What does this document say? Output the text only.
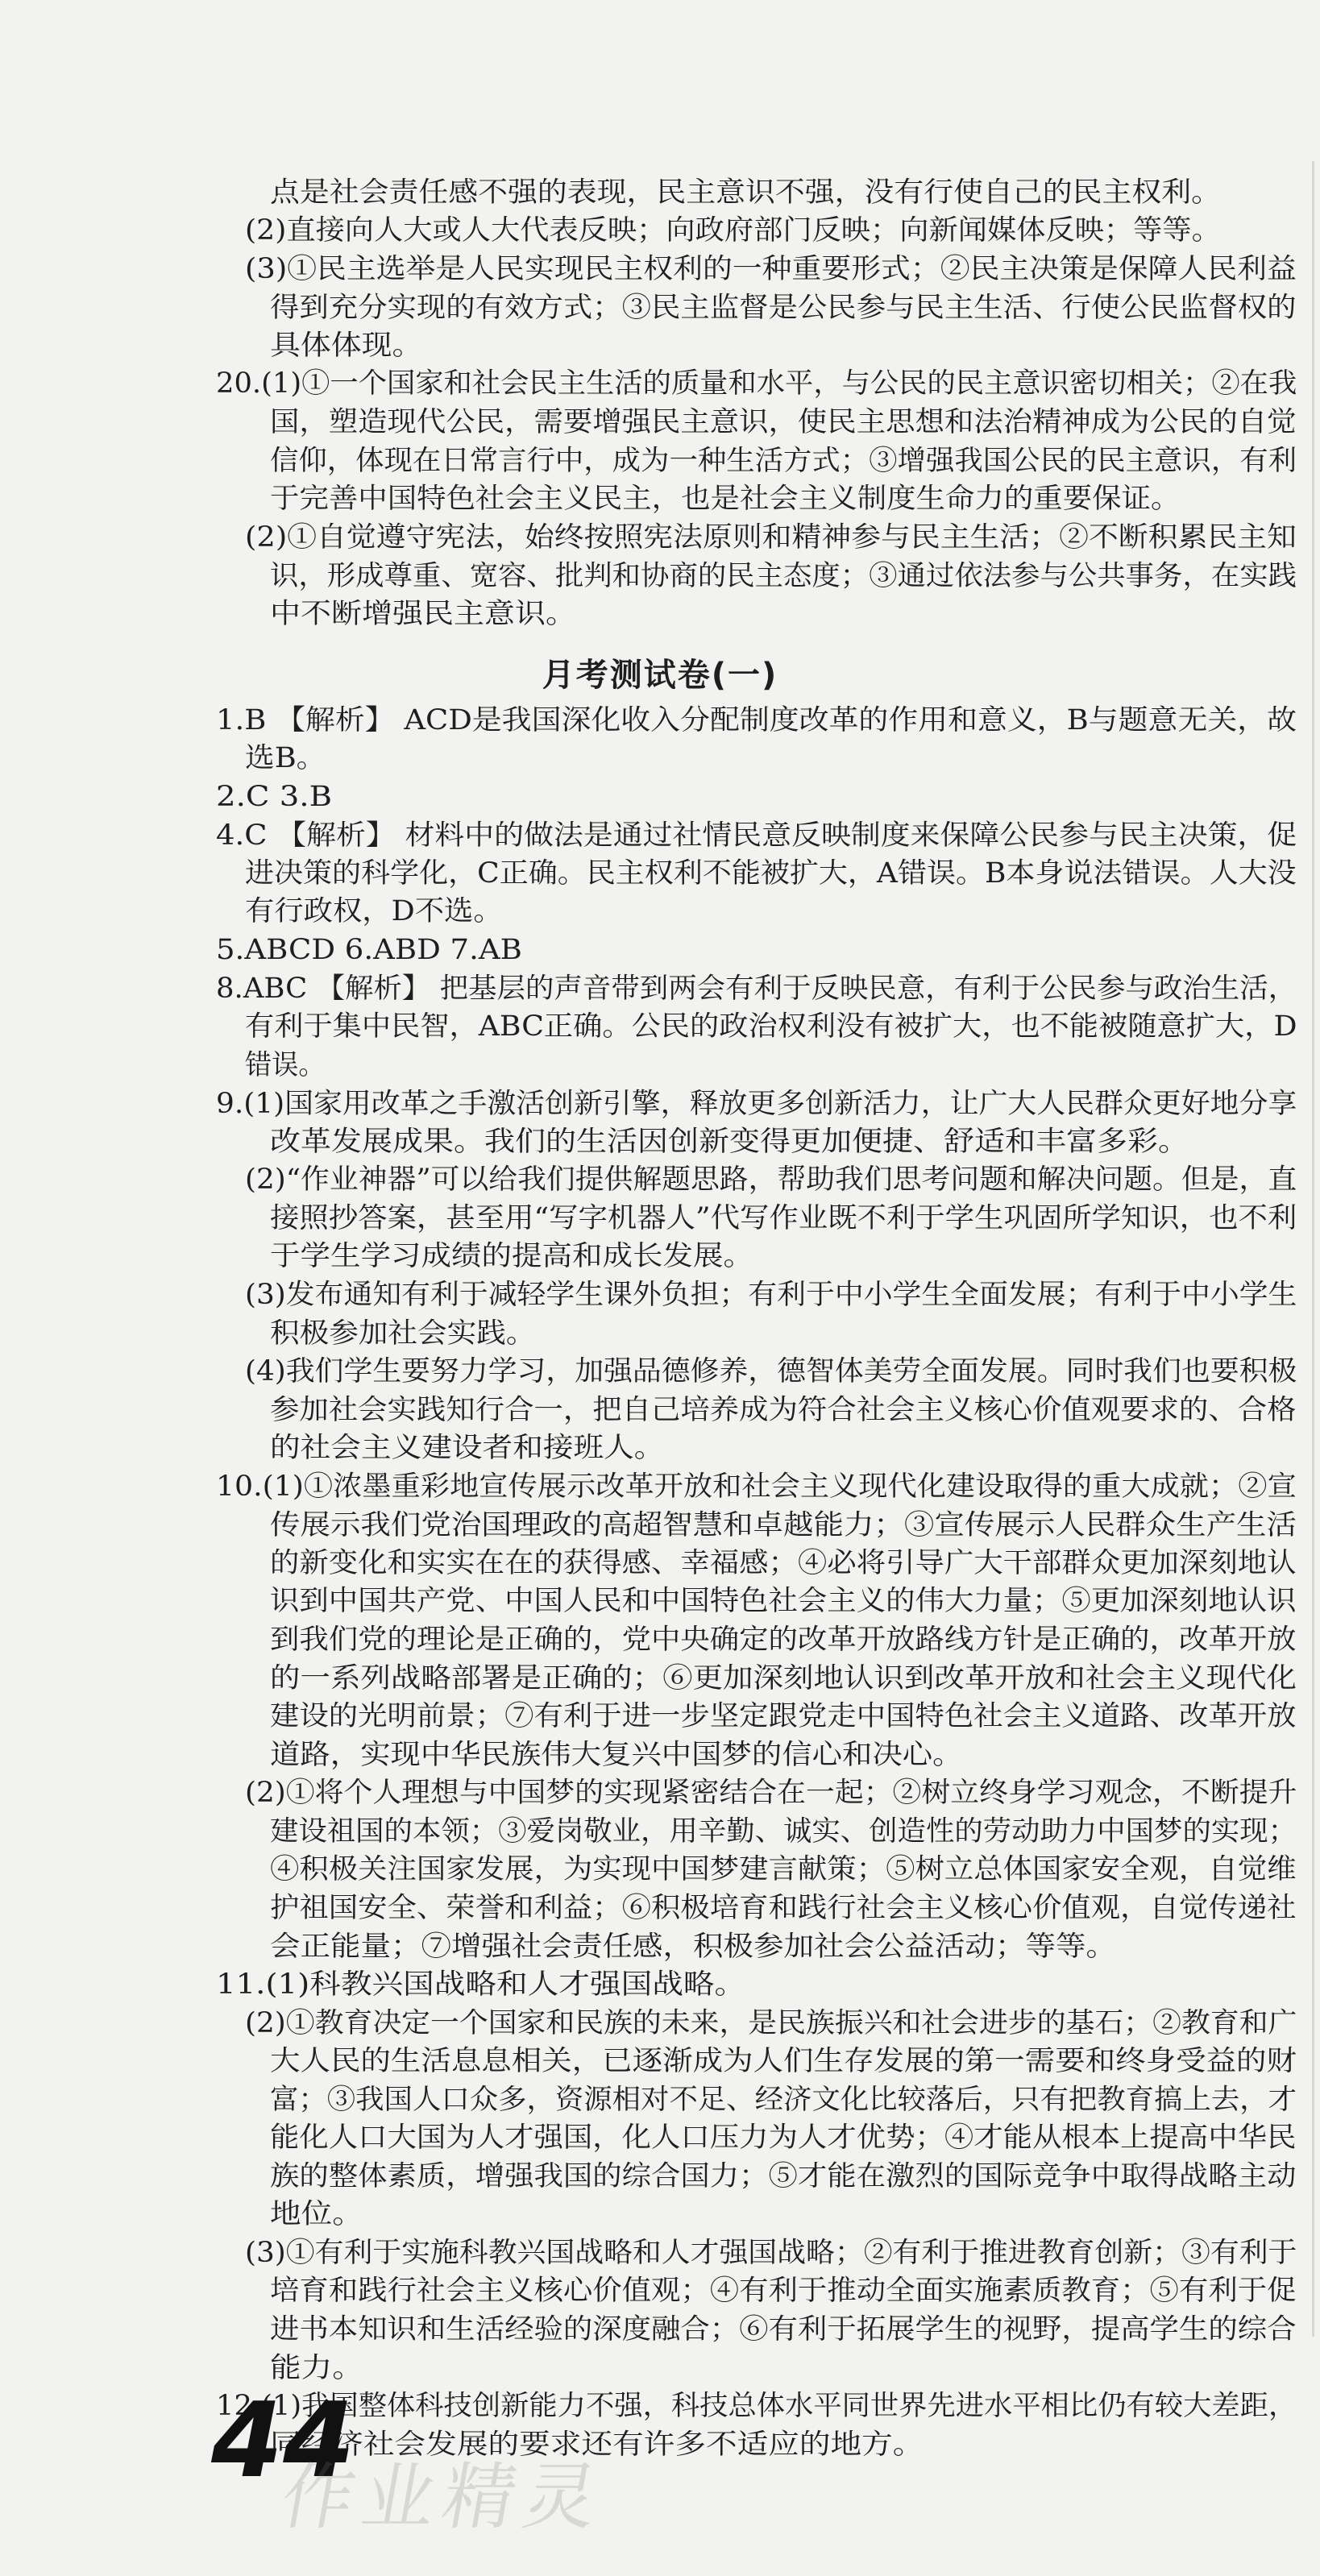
点是社会责任感不强的表现，民主意识不强，没有行使自己的民主权利。
(2)直接向人大或人大代表反映；向政府部门反映；向新闻媒体反映；等等。
(3)①民主选举是人民实现民主权利的一种重要形式；②民主决策是保障人民利益
得到充分实现的有效方式；③民主监督是公民参与民主生活、行使公民监督权的
具体体现。
20.(1)①一个国家和社会民主生活的质量和水平，与公民的民主意识密切相关；②在我
国，塑造现代公民，需要增强民主意识，使民主思想和法治精神成为公民的自觉
信仰，体现在日常言行中，成为一种生活方式；③增强我国公民的民主意识，有利
于完善中国特色社会主义民主，也是社会主义制度生命力的重要保证。
(2)①自觉遵守宪法，始终按照宪法原则和精神参与民主生活；②不断积累民主知
识，形成尊重、宽容、批判和协商的民主态度；③通过依法参与公共事务，在实践
中不断增强民主意识。
月考测试卷(一)
1.B 【解析】 ACD是我国深化收入分配制度改革的作用和意义，B与题意无关，故
选B。
2.C 3.B
4.C 【解析】 材料中的做法是通过社情民意反映制度来保障公民参与民主决策，促
进决策的科学化，C正确。民主权利不能被扩大，A错误。B本身说法错误。人大没
有行政权，D不选。
5.ABCD 6.ABD 7.AB
8.ABC 【解析】 把基层的声音带到两会有利于反映民意，有利于公民参与政治生活，
有利于集中民智，ABC正确。公民的政治权利没有被扩大，也不能被随意扩大，D
错误。
9.(1)国家用改革之手激活创新引擎，释放更多创新活力，让广大人民群众更好地分享
改革发展成果。我们的生活因创新变得更加便捷、舒适和丰富多彩。
(2)“作业神器”可以给我们提供解题思路，帮助我们思考问题和解决问题。但是，直
接照抄答案，甚至用“写字机器人”代写作业既不利于学生巩固所学知识，也不利
于学生学习成绩的提高和成长发展。
(3)发布通知有利于减轻学生课外负担；有利于中小学生全面发展；有利于中小学生
积极参加社会实践。
(4)我们学生要努力学习，加强品德修养，德智体美劳全面发展。同时我们也要积极
参加社会实践知行合一，把自己培养成为符合社会主义核心价值观要求的、合格
的社会主义建设者和接班人。
10.(1)①浓墨重彩地宣传展示改革开放和社会主义现代化建设取得的重大成就；②宣
传展示我们党治国理政的高超智慧和卓越能力；③宣传展示人民群众生产生活
的新变化和实实在在的获得感、幸福感；④必将引导广大干部群众更加深刻地认
识到中国共产党、中国人民和中国特色社会主义的伟大力量；⑤更加深刻地认识
到我们党的理论是正确的，党中央确定的改革开放路线方针是正确的，改革开放
的一系列战略部署是正确的；⑥更加深刻地认识到改革开放和社会主义现代化
建设的光明前景；⑦有利于进一步坚定跟党走中国特色社会主义道路、改革开放
道路，实现中华民族伟大复兴中国梦的信心和决心。
(2)①将个人理想与中国梦的实现紧密结合在一起；②树立终身学习观念，不断提升
建设祖国的本领；③爱岗敬业，用辛勤、诚实、创造性的劳动助力中国梦的实现；
④积极关注国家发展，为实现中国梦建言献策；⑤树立总体国家安全观，自觉维
护祖国安全、荣誉和利益；⑥积极培育和践行社会主义核心价值观，自觉传递社
会正能量；⑦增强社会责任感，积极参加社会公益活动；等等。
11.(1)科教兴国战略和人才强国战略。
(2)①教育决定一个国家和民族的未来，是民族振兴和社会进步的基石；②教育和广
大人民的生活息息相关，已逐渐成为人们生存发展的第一需要和终身受益的财
富；③我国人口众多，资源相对不足、经济文化比较落后，只有把教育搞上去，才
能化人口大国为人才强国，化人口压力为人才优势；④才能从根本上提高中华民
族的整体素质，增强我国的综合国力；⑤才能在激烈的国际竞争中取得战略主动
地位。
(3)①有利于实施科教兴国战略和人才强国战略；②有利于推进教育创新；③有利于
培育和践行社会主义核心价值观；④有利于推动全面实施素质教育；⑤有利于促
进书本知识和生活经验的深度融合；⑥有利于拓展学生的视野，提高学生的综合
能力。
12.(1)我国整体科技创新能力不强，科技总体水平同世界先进水平相比仍有较大差距，
同经济社会发展的要求还有许多不适应的地方。
44
作业精灵
